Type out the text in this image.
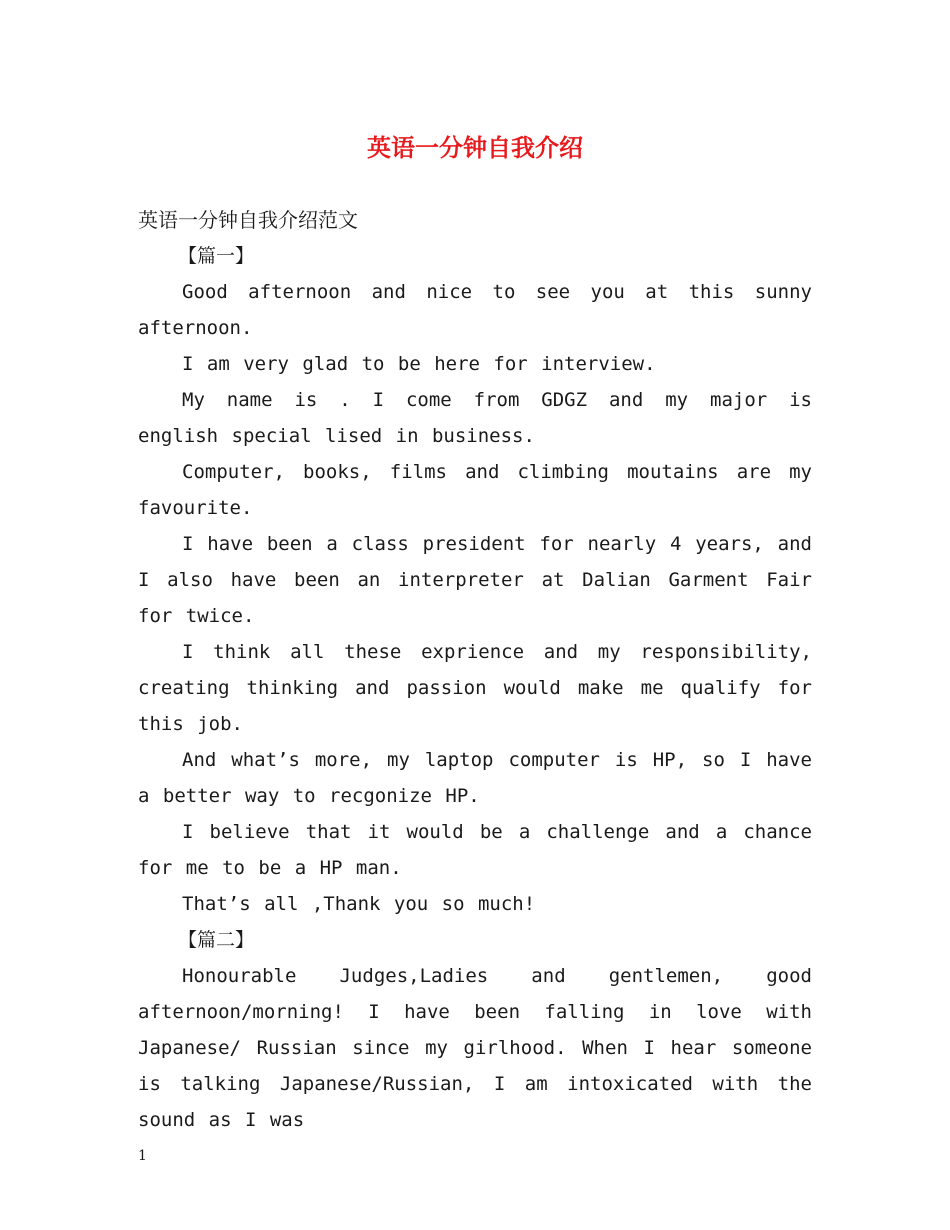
英语一分钟自我介绍

英语一分钟自我介绍范文

【篇一】

Good afternoon and nice to see you at this sunny afternoon.

I am very glad to be here for interview.

My name is . I come from GDGZ and my major is english special lised in business.

Computer, books, films and climbing moutains are my favourite.

I have been a class president for nearly 4 years, and I also have been an interpreter at Dalian Garment Fair for twice.

I think all these exprience and my responsibility, creating thinking and passion would make me qualify for this job.

And what’s more, my laptop computer is HP, so I have a better way to recgonize HP.

I believe that it would be a challenge and a chance for me to be a HP man.

That’s all ,Thank you so much!

【篇二】

Honourable Judges,Ladies and gentlemen, good afternoon/morning! I have been falling in love with Japanese/ Russian since my girlhood. When I hear someone is talking Japanese/Russian, I am intoxicated with the sound as I was

1
